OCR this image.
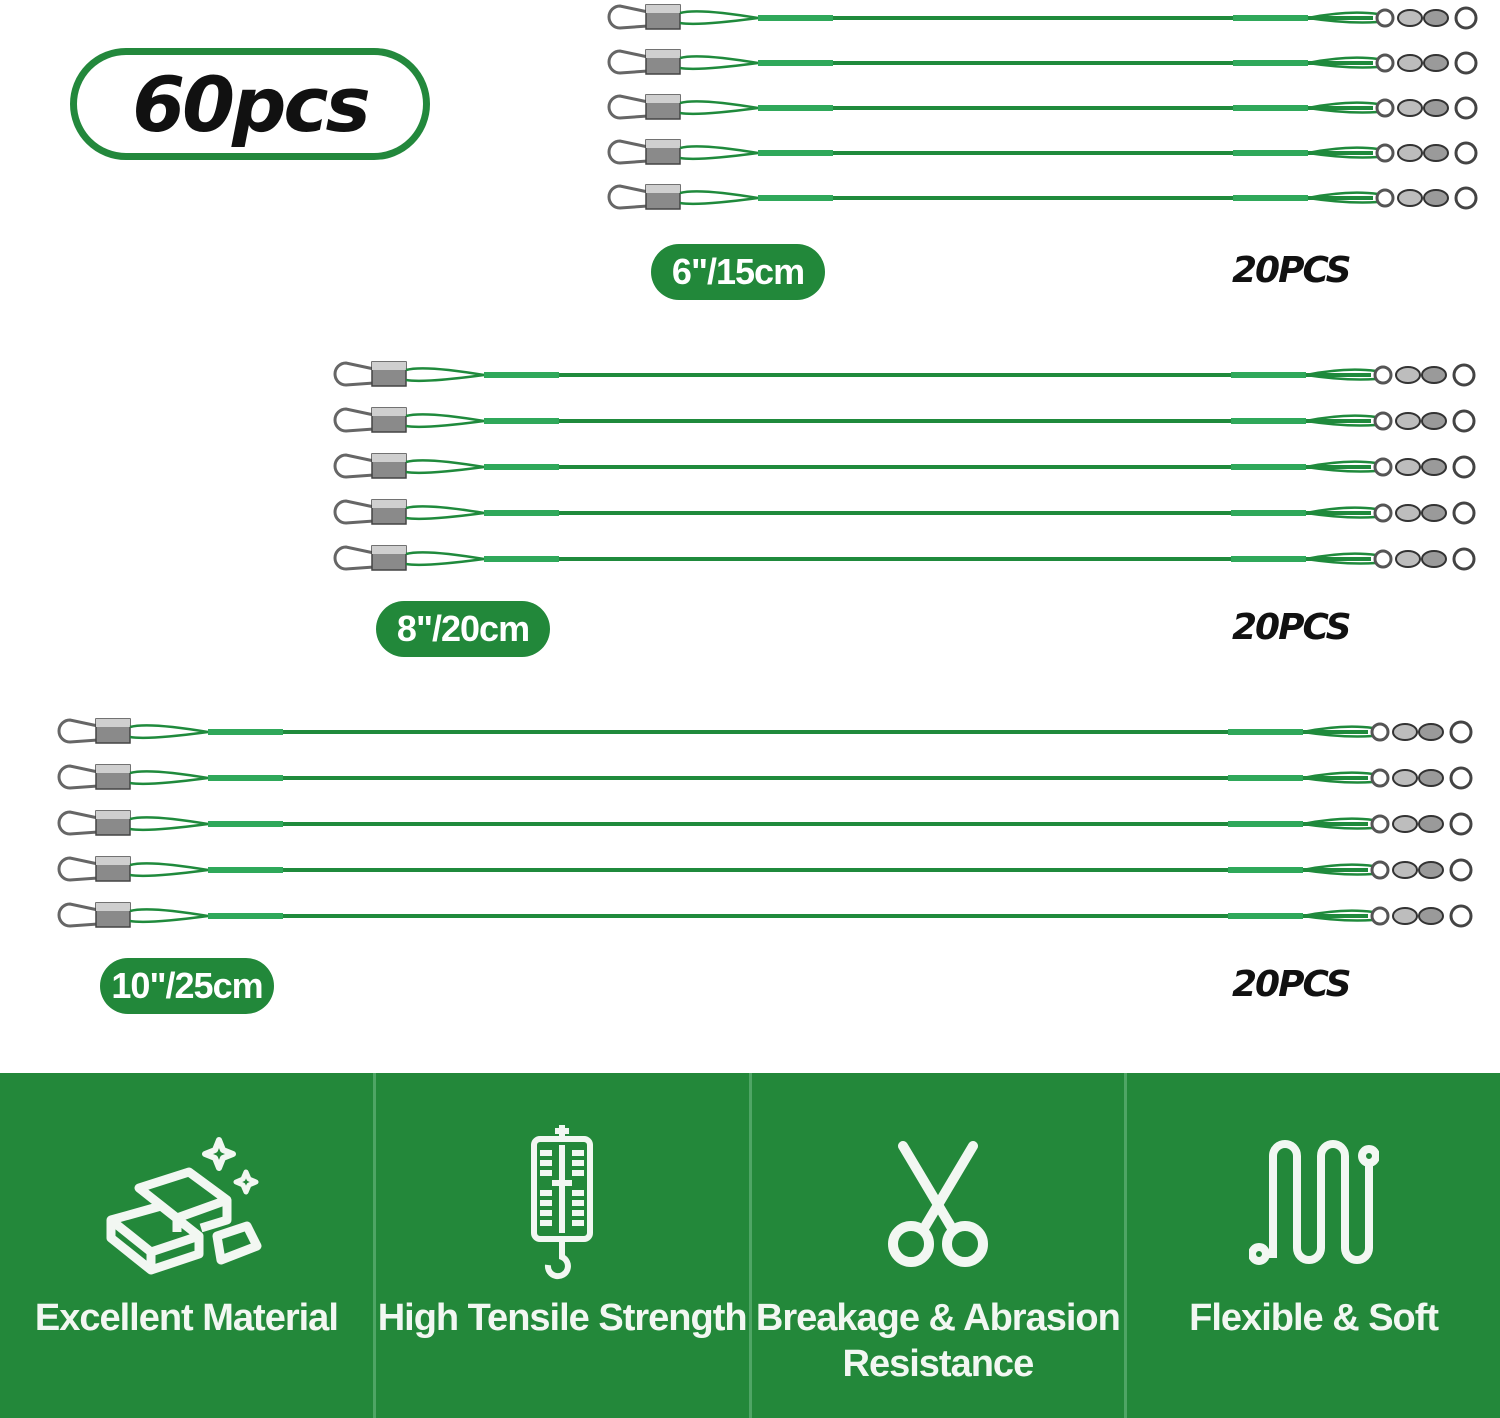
60pcs
6"/15cm	20PCS
8"/20cm	20PCS
10"/25cm	20PCS
Excellent Material	High Tensile Strength Breakage & Abrasion Resistance
Flexible & Soft
